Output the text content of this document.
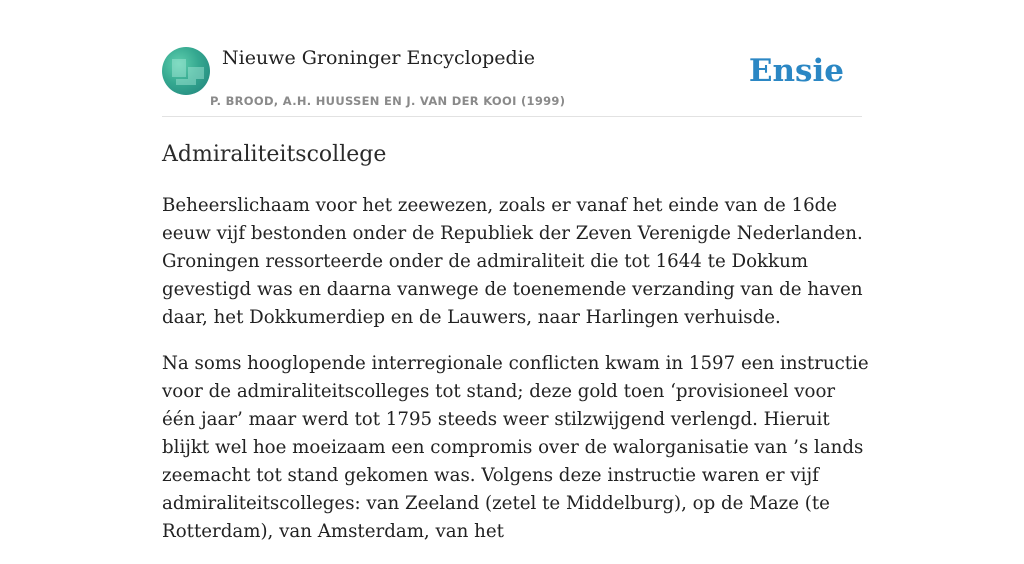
Nieuwe Groninger Encyclopedie
P. BROOD, A.H. HUUSSEN EN J. VAN DER KOOI (1999)
Ensie
Admiraliteitscollege

Beheerslichaam voor het zeewezen, zoals er vanaf het einde van de 16de eeuw vijf bestonden onder de Republiek der Zeven Verenigde Nederlanden. Groningen ressorteerde onder de admiraliteit die tot 1644 te Dokkum gevestigd was en daarna vanwege de toenemende verzanding van de haven daar, het Dokkumerdiep en de Lauwers, naar Harlingen verhuisde.

Na soms hooglopende interregionale conflicten kwam in 1597 een instructie voor de admiraliteitscolleges tot stand; deze gold toen ‘provisioneel voor één jaar’ maar werd tot 1795 steeds weer stilzwijgend verlengd. Hieruit blijkt wel hoe moeizaam een compromis over de walorganisatie van ’s lands zeemacht tot stand gekomen was. Volgens deze instructie waren er vijf admiraliteitscolleges: van Zeeland (zetel te Middelburg), op de Maze (te Rotterdam), van Amsterdam, van het
